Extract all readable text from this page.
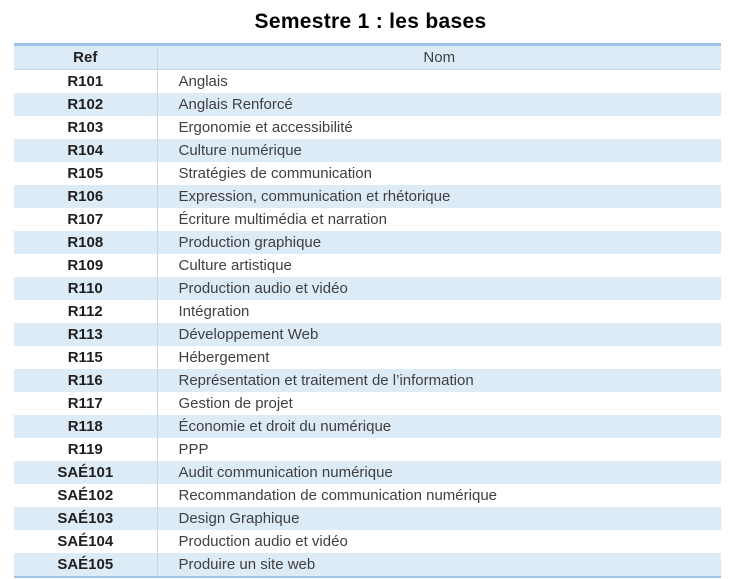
Semestre 1 : les bases
Ref	Nom
R101	Anglais
R102	Anglais Renforcé
R103	Ergonomie et accessibilité
R104	Culture numérique
R105	Stratégies de communication
R106	Expression, communication et rhétorique
R107	Écriture multimédia et narration
R108	Production graphique
R109	Culture artistique
R110	Production audio et vidéo
R112	Intégration
R113	Développement Web
R115	Hébergement
R116	Représentation et traitement de l’information
R117	Gestion de projet
R118	Économie et droit du numérique
R119	PPP
SAÉ101	Audit communication numérique
SAÉ102	Recommandation de communication numérique
SAÉ103	Design Graphique
SAÉ104	Production audio et vidéo
SAÉ105	Produire un site web
